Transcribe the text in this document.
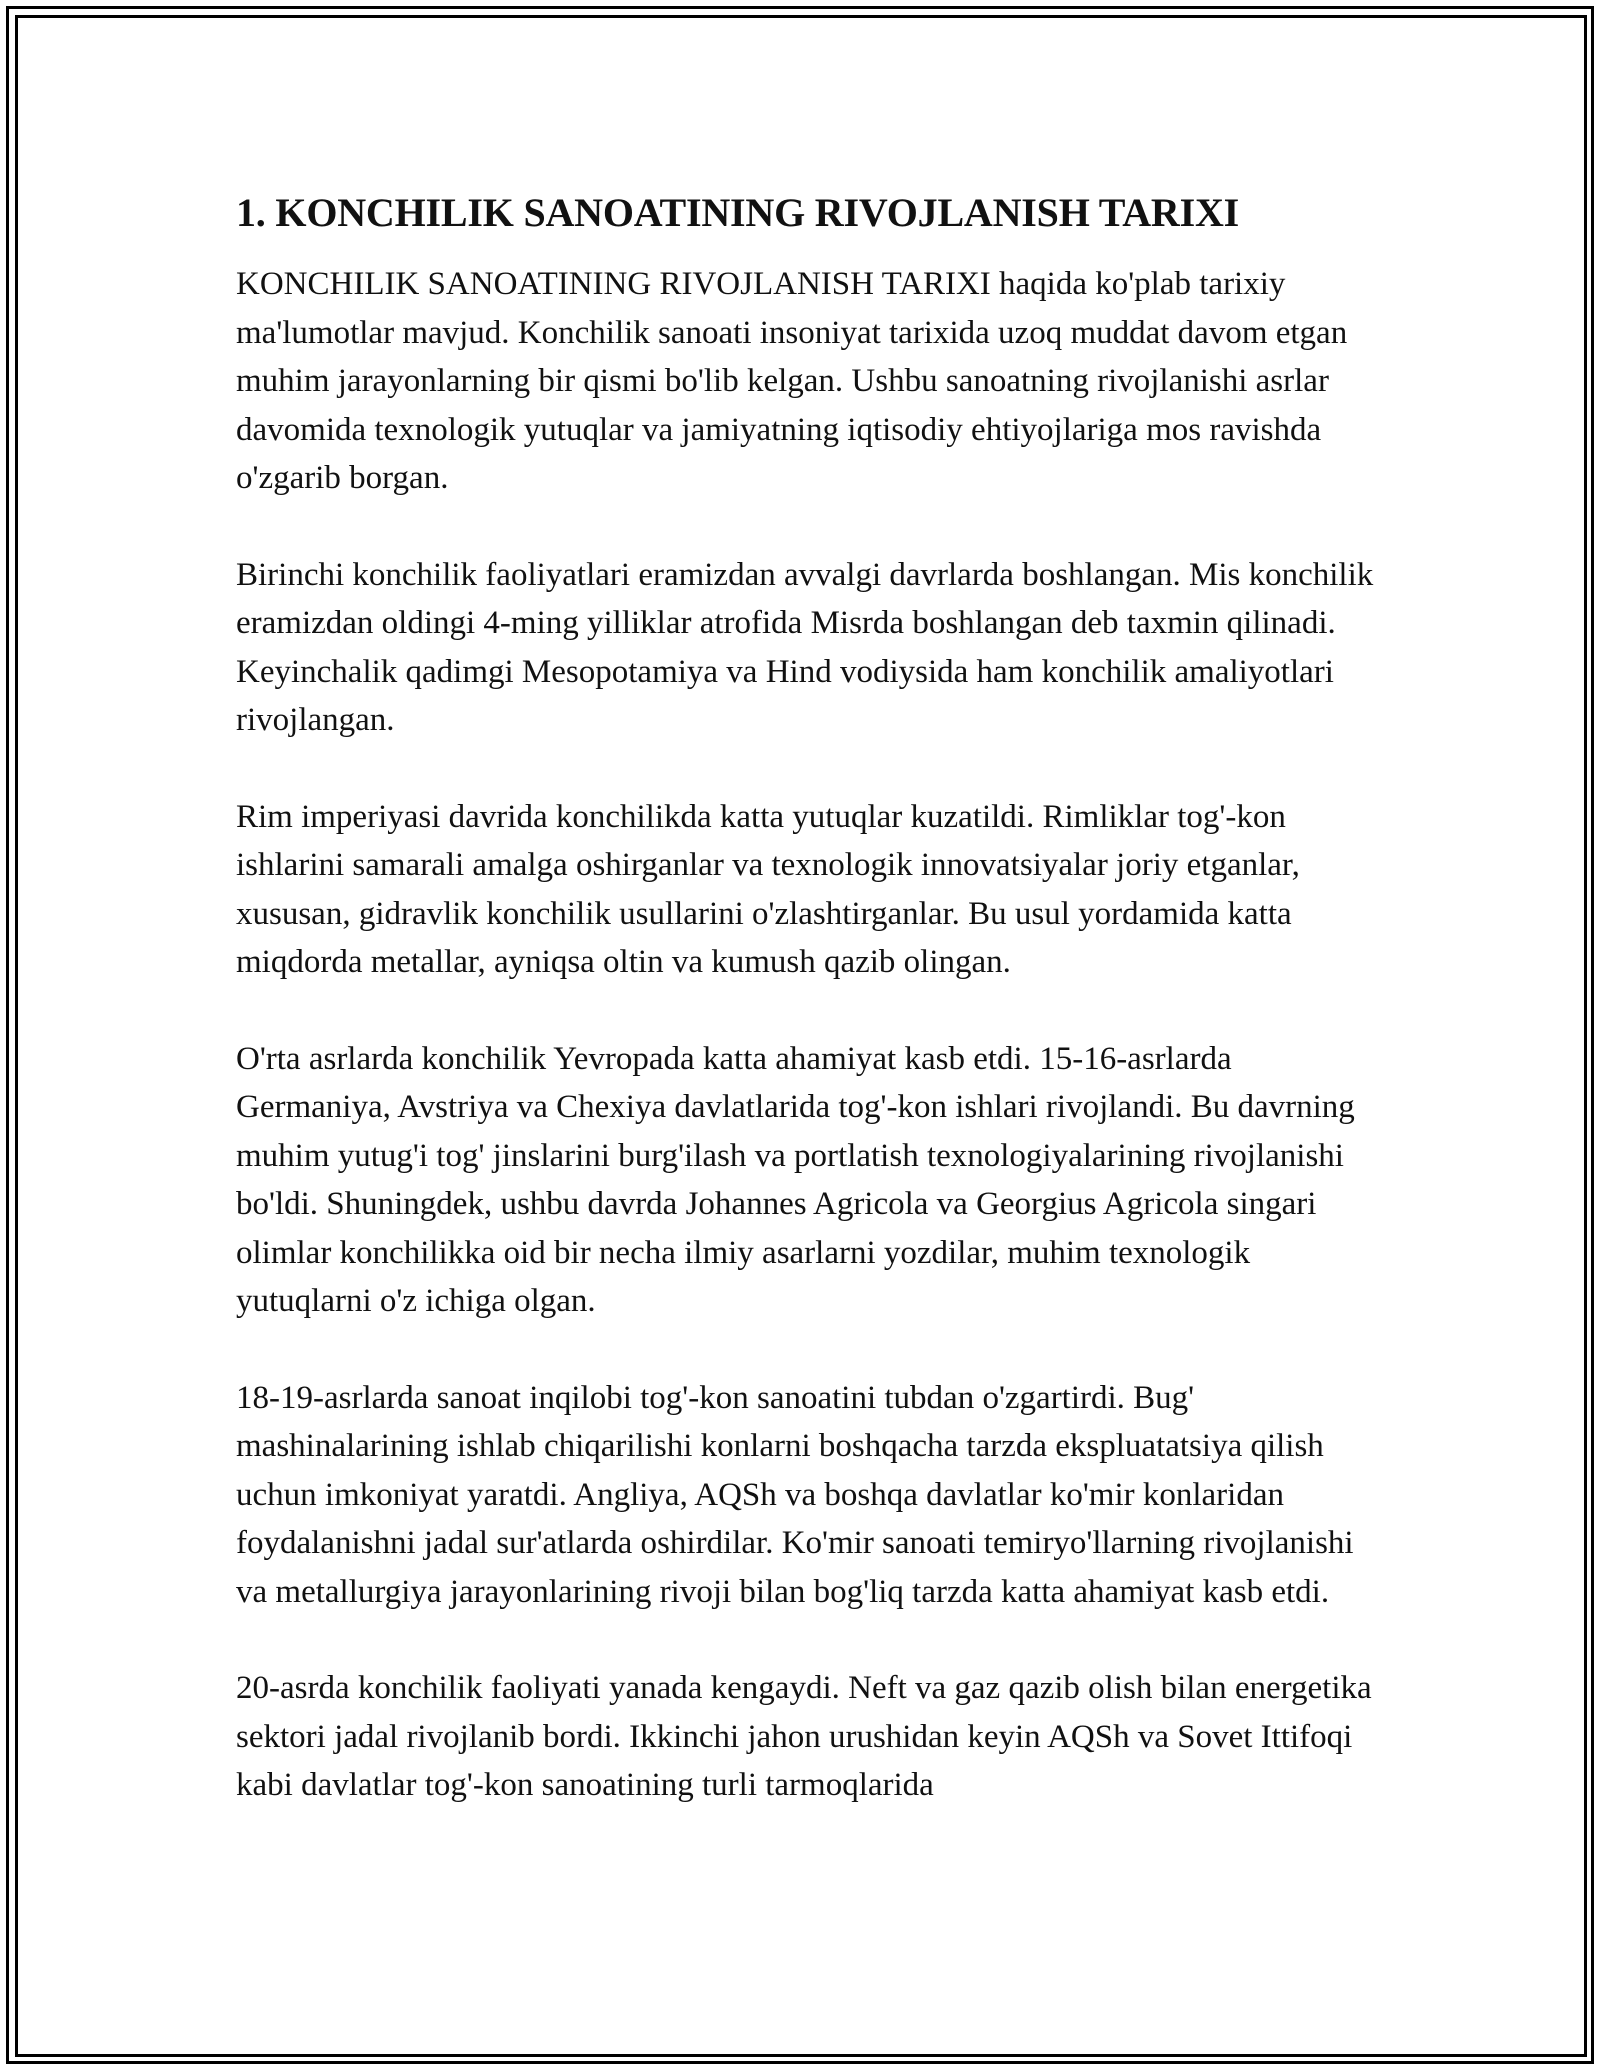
1. KONCHILIK SANOATINING RIVOJLANISH TARIXI

KONCHILIK SANOATINING RIVOJLANISH TARIXI haqida ko'plab tarixiy ma'lumotlar mavjud. Konchilik sanoati insoniyat tarixida uzoq muddat davom etgan muhim jarayonlarning bir qismi bo'lib kelgan. Ushbu sanoatning rivojlanishi asrlar davomida texnologik yutuqlar va jamiyatning iqtisodiy ehtiyojlariga mos ravishda o'zgarib borgan.

Birinchi konchilik faoliyatlari eramizdan avvalgi davrlarda boshlangan. Mis konchilik eramizdan oldingi 4-ming yilliklar atrofida Misrda boshlangan deb taxmin qilinadi. Keyinchalik qadimgi Mesopotamiya va Hind vodiysida ham konchilik amaliyotlari rivojlangan.

Rim imperiyasi davrida konchilikda katta yutuqlar kuzatildi. Rimliklar tog'-kon ishlarini samarali amalga oshirganlar va texnologik innovatsiyalar joriy etganlar, xususan, gidravlik konchilik usullarini o'zlashtirganlar. Bu usul yordamida katta miqdorda metallar, ayniqsa oltin va kumush qazib olingan.

O'rta asrlarda konchilik Yevropada katta ahamiyat kasb etdi. 15-16-asrlarda Germaniya, Avstriya va Chexiya davlatlarida tog'-kon ishlari rivojlandi. Bu davrning muhim yutug'i tog' jinslarini burg'ilash va portlatish texnologiyalarining rivojlanishi bo'ldi. Shuningdek, ushbu davrda Johannes Agricola va Georgius Agricola singari olimlar konchilikka oid bir necha ilmiy asarlarni yozdilar, muhim texnologik yutuqlarni o'z ichiga olgan.

18-19-asrlarda sanoat inqilobi tog'-kon sanoatini tubdan o'zgartirdi. Bug' mashinalarining ishlab chiqarilishi konlarni boshqacha tarzda ekspluatatsiya qilish uchun imkoniyat yaratdi. Angliya, AQSh va boshqa davlatlar ko'mir konlaridan foydalanishni jadal sur'atlarda oshirdilar. Ko'mir sanoati temiryo'llarning rivojlanishi va metallurgiya jarayonlarining rivoji bilan bog'liq tarzda katta ahamiyat kasb etdi.

20-asrda konchilik faoliyati yanada kengaydi. Neft va gaz qazib olish bilan energetika sektori jadal rivojlanib bordi. Ikkinchi jahon urushidan keyin AQSh va Sovet Ittifoqi kabi davlatlar tog'-kon sanoatining turli tarmoqlarida
